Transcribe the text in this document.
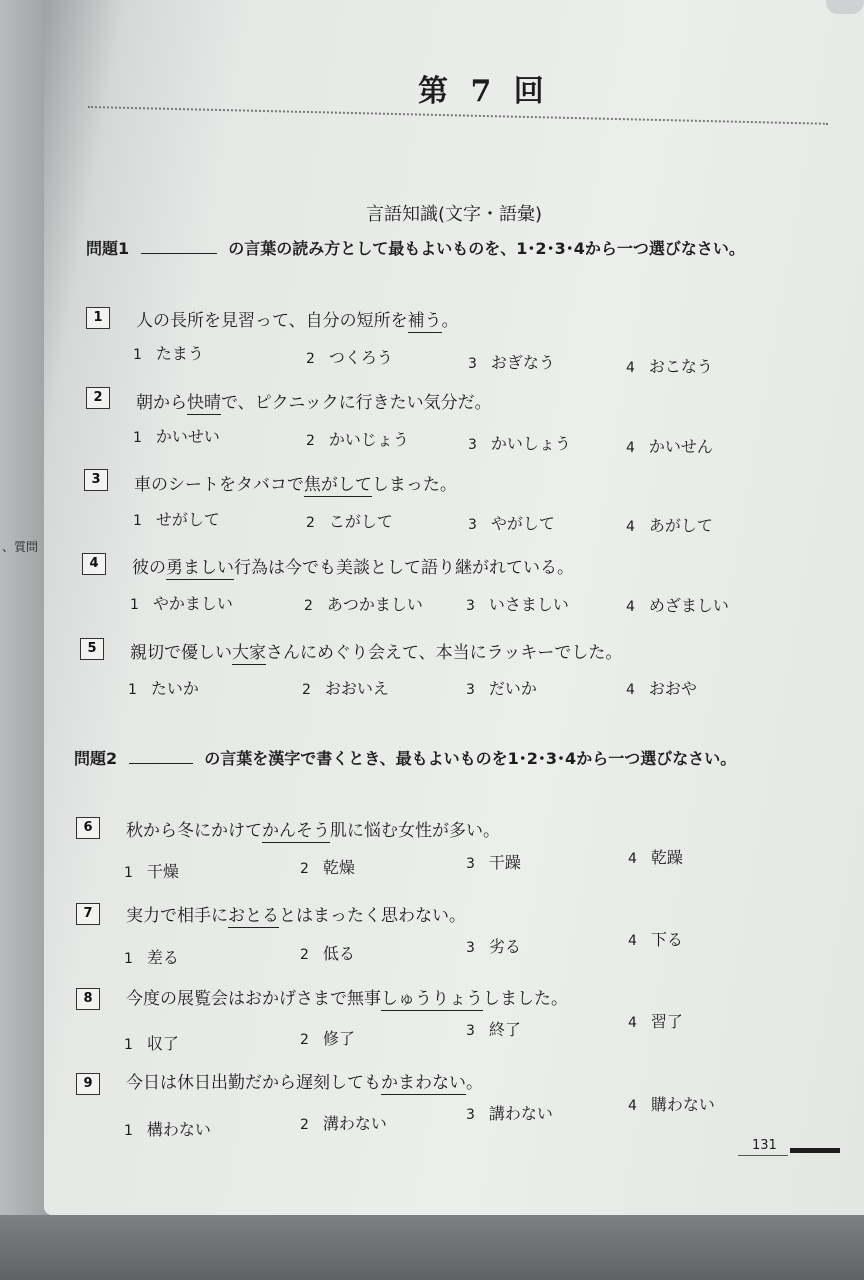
、質問
第 7 回
言語知識(文字・語彙)
問題1	の言葉の読み方として最もよいものを、1･2･3･4から一つ選びなさい。
1	人の長所を見習って、自分の短所を補う。
1 たまう	2 つくろう	3 おぎなう	4 おこなう
2	朝から快晴で、ピクニックに行きたい気分だ。
1 かいせい	2 かいじょう	3 かいしょう	4 かいせん
3	車のシートをタバコで焦がしてしまった。
1 せがして	2 こがして	3 やがして	4 あがして
4	彼の勇ましい行為は今でも美談として語り継がれている。
1 やかましい	2 あつかましい	3 いさましい	4 めざましい
5	親切で優しい大家さんにめぐり会えて、本当にラッキーでした。
1 たいか	2 おおいえ	3 だいか	4 おおや
問題2	の言葉を漢字で書くとき、最もよいものを1･2･3･4から一つ選びなさい。
6	秋から冬にかけてかんそう肌に悩む女性が多い。
1 干燥	2 乾燥	3 干躁	4 乾躁
7	実力で相手におとるとはまったく思わない。
1 差る	2 低る	3 劣る	4 下る
8	今度の展覧会はおかげさまで無事しゅうりょうしました。
1 収了	2 修了	3 終了	4 習了
9	今日は休日出勤だから遅刻してもかまわない。
1 構わない	2 溝わない	3 講わない	4 購わない
131
